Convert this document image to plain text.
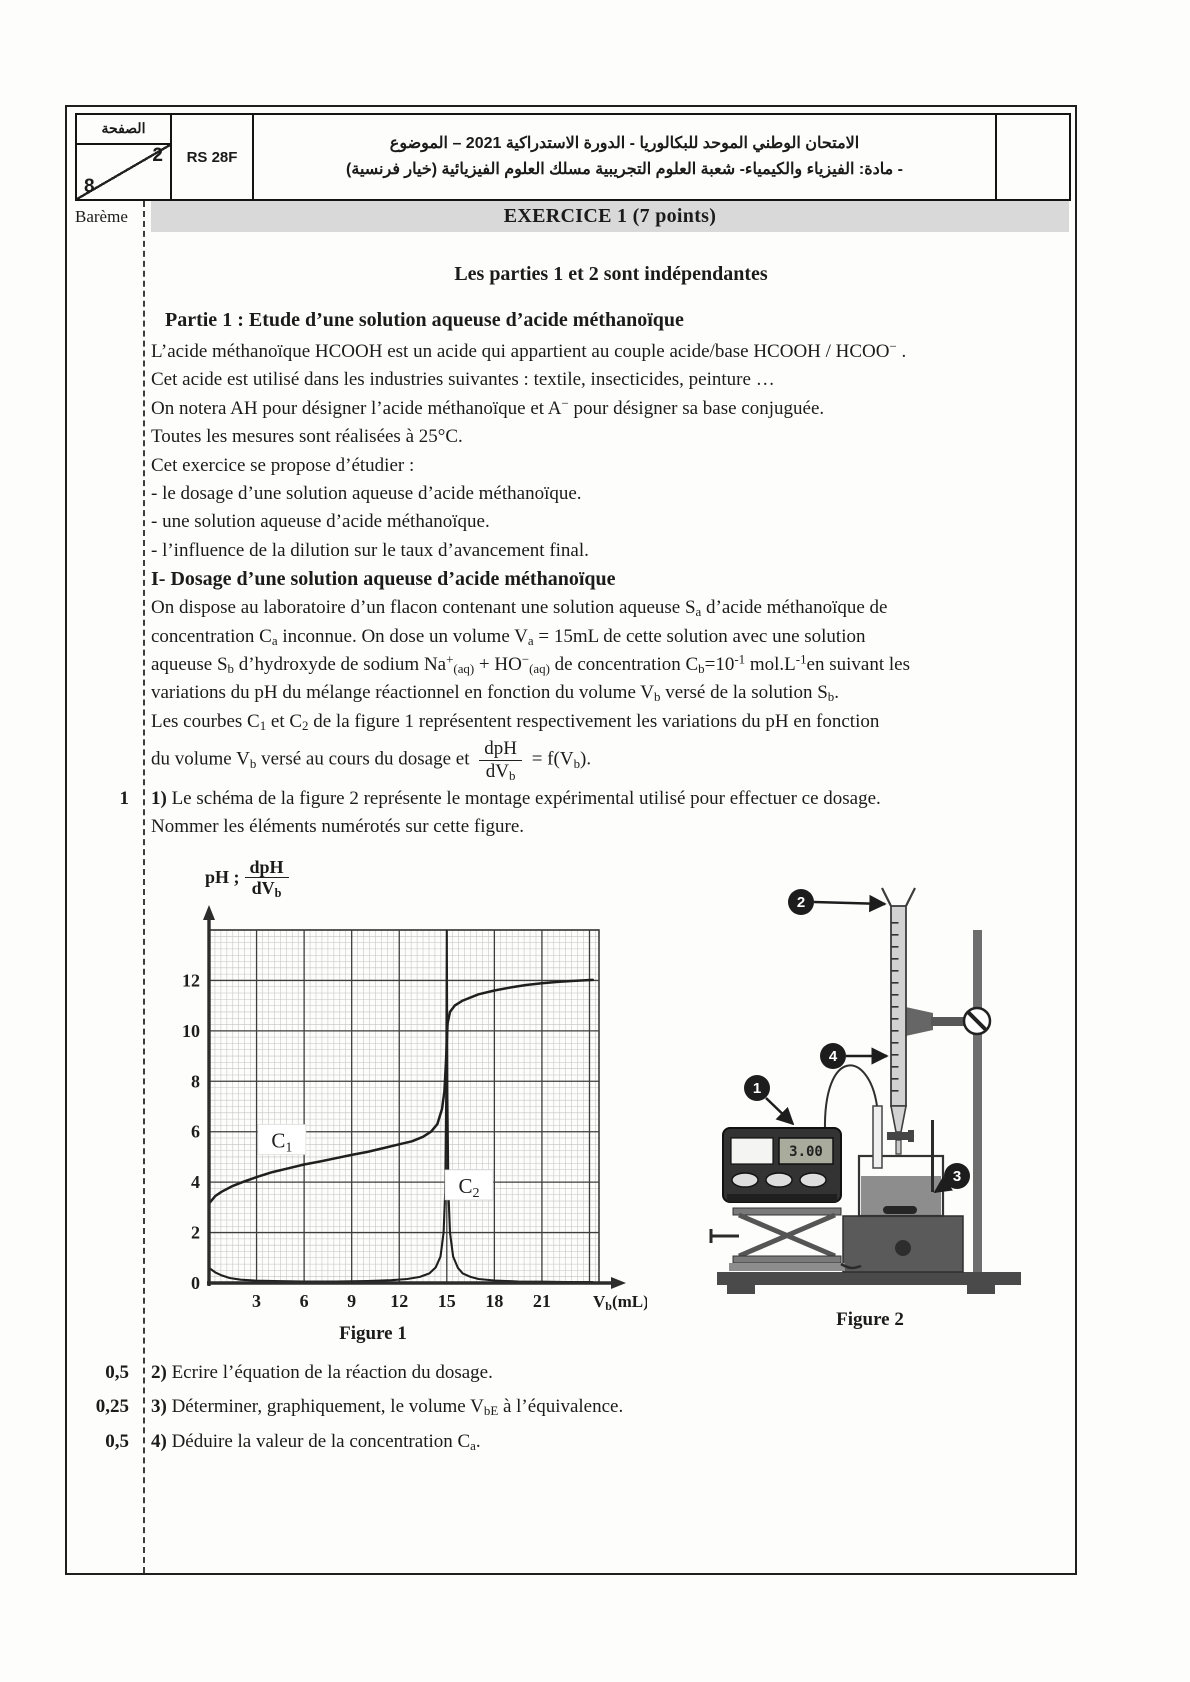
الصفحة
2
8
RS 28F
الامتحان الوطني الموحد للبكالوريا - الدورة الاستدراكية 2021 – الموضوع
- مادة: الفيزياء والكيمياء- شعبة العلوم التجريبية مسلك العلوم الفيزيائية (خيار فرنسية)
Barème	EXERCICE 1 (7 points)
Les parties 1 et 2 sont indépendantes
Partie 1 : Etude d’une solution aqueuse d’acide méthanoïque
L’acide méthanoïque HCOOH est un acide qui appartient au couple acide/base HCOOH / HCOO− .
Cet acide est utilisé dans les industries suivantes : textile, insecticides, peinture …
On notera AH pour désigner l’acide méthanoïque et A− pour désigner sa base conjuguée.
Toutes les mesures sont réalisées à 25°C.
Cet exercice se propose d’étudier :
- le dosage d’une solution aqueuse d’acide méthanoïque.
- une solution aqueuse d’acide méthanoïque.
- l’influence de la dilution sur le taux d’avancement final.
I- Dosage d’une solution aqueuse d’acide méthanoïque
On dispose au laboratoire d’un flacon contenant une solution aqueuse $S_a$ d’acide méthanoïque de
concentration $C_a$ inconnue. On dose un volume $V_a = 15mL$ de cette solution avec une solution
aqueuse $S_b$ d’hydroxyde de sodium $Na^+_{(aq)} + HO^-_{(aq)}$ de concentration $C_b=10^{-1}$ $mol.L^{-1}en$ suivant les
variations du pH du mélange réactionnel en fonction du volume $V_b$ versé de la solution $S_b$.
Les courbes $C_1$ et $C_2$ de la figure 1 représentent respectivement les variations du pH en fonction
du volume $V_b$ versé au cours du dosage et $\frac{\text{dpH}}{dV_b} = f(V_b)$.
1 1) Le schéma de la figure 2 représente le montage expérimental utilisé pour effectuer ce dosage.
Nommer les éléments numérotés sur cette figure.
pH ; $\frac{\text{dpH}}{dV_b}$
C1
C2
0
2
4
6
8
10
12
3 6 9 12 15 18 21 Vb(mL)
Figure 1
3.00
1
2
4
3
Figure 2
0,5 2) Ecrire l’équation de la réaction du dosage.
0,25 3) Déterminer, graphiquement, le volume $V_{bE}$ à l’équivalence.
0,5 4) Déduire la valeur de la concentration $C_a$.
